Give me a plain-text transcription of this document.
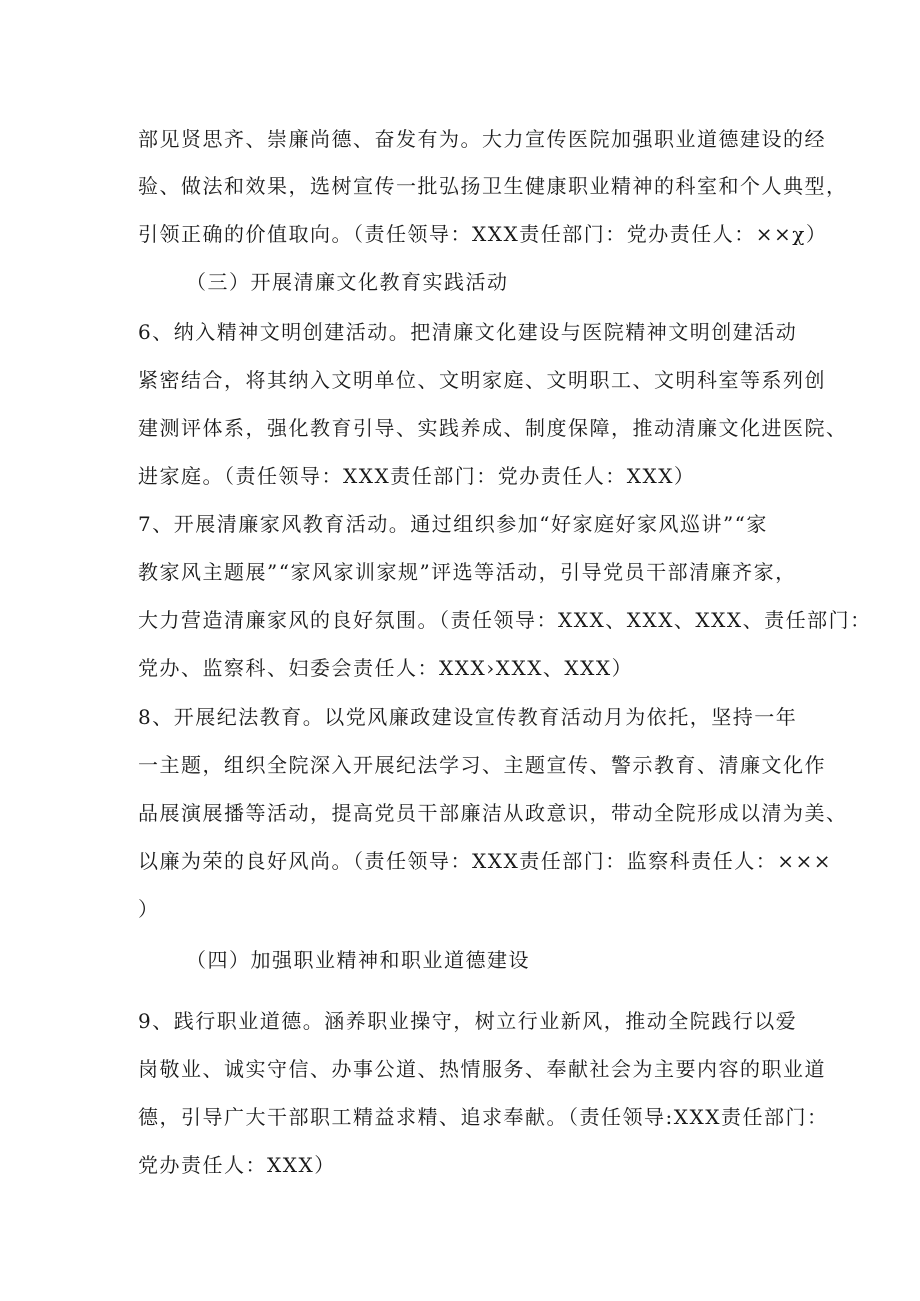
部见贤思齐、崇廉尚德、奋发有为。大力宣传医院加强职业道德建设的经
验、做法和效果，选树宣传一批弘扬卫生健康职业精神的科室和个人典型，
引领正确的价值取向。（责任领导：XXX责任部门：党办责任人：××χ）
（三）开展清廉文化教育实践活动
6、纳入精神文明创建活动。把清廉文化建设与医院精神文明创建活动
紧密结合，将其纳入文明单位、文明家庭、文明职工、文明科室等系列创
建测评体系，强化教育引导、实践养成、制度保障，推动清廉文化进医院、
进家庭。（责任领导：XXX责任部门：党办责任人：XXX）
7、开展清廉家风教育活动。通过组织参加“好家庭好家风巡讲”“家
教家风主题展”“家风家训家规”评选等活动，引导党员干部清廉齐家，
大力营造清廉家风的良好氛围。（责任领导：XXX、XXX、XXX、责任部门：
党办、监察科、妇委会责任人：XXX›XXX、XXX）
8、开展纪法教育。以党风廉政建设宣传教育活动月为依托，坚持一年
一主题，组织全院深入开展纪法学习、主题宣传、警示教育、清廉文化作
品展演展播等活动，提高党员干部廉洁从政意识，带动全院形成以清为美、
以廉为荣的良好风尚。（责任领导：XXX责任部门：监察科责任人：×××
）
（四）加强职业精神和职业道德建设
9、践行职业道德。涵养职业操守，树立行业新风，推动全院践行以爱
岗敬业、诚实守信、办事公道、热情服务、奉献社会为主要内容的职业道
德，引导广大干部职工精益求精、追求奉献。（责任领导:XXX责任部门：
党办责任人：XXX）
